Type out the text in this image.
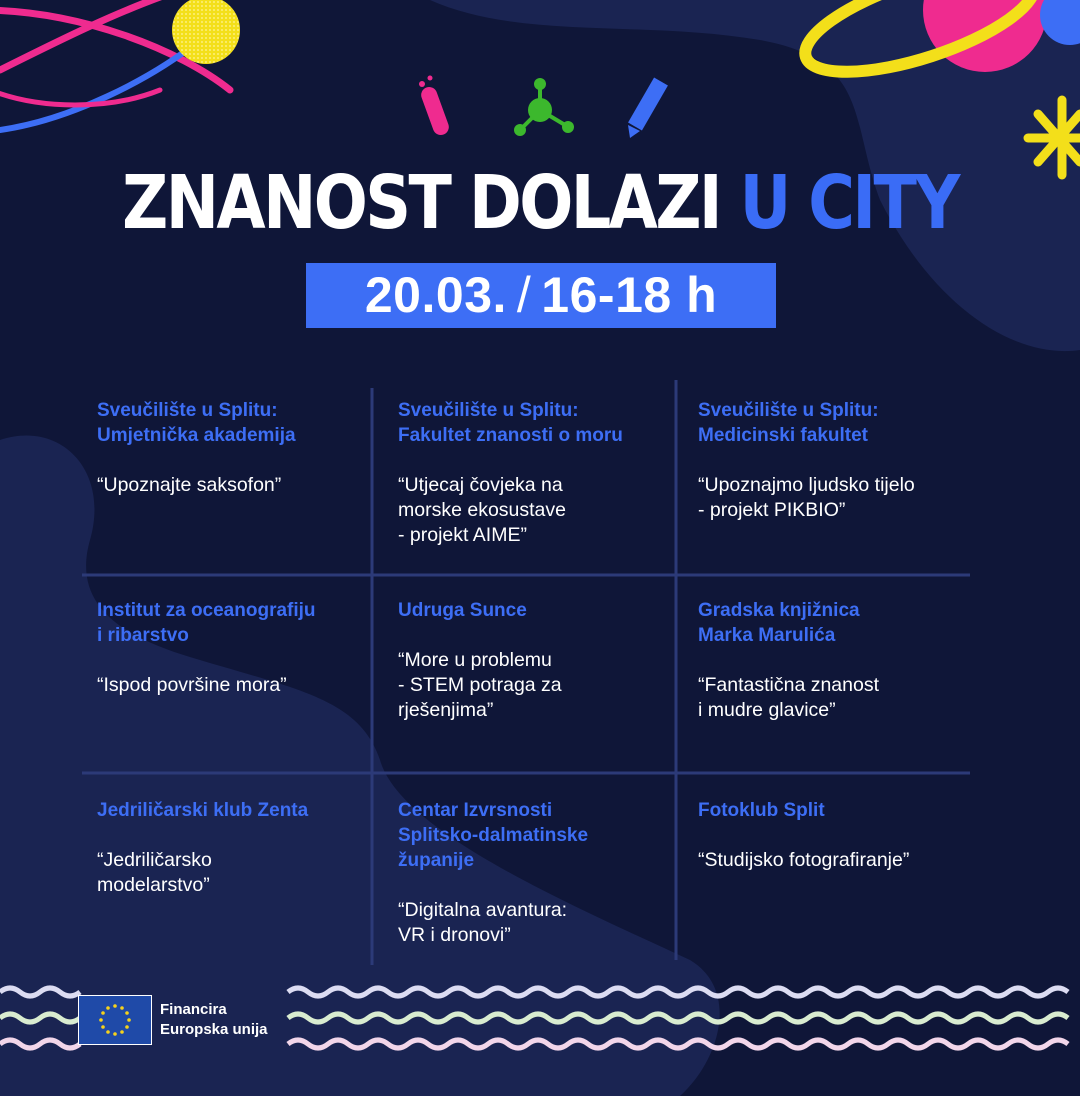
ZNANOST DOLAZI U CITY
20.03. / 16-18 h
Sveučilište u Splitu:
Umjetnička akademija
“Upoznajte saksofon”
Sveučilište u Splitu:
Fakultet znanosti o moru
“Utjecaj čovjeka na
morske ekosustave
- projekt AIME”
Sveučilište u Splitu:
Medicinski fakultet
“Upoznajmo ljudsko tijelo
- projekt PIKBIO”
Institut za oceanografiju
i ribarstvo
“Ispod površine mora”
Udruga Sunce
“More u problemu
- STEM potraga za
rješenjima”
Gradska knjižnica
Marka Marulića
“Fantastična znanost
i mudre glavice”
Jedriličarski klub Zenta
“Jedriličarsko
modelarstvo”
Centar Izvrsnosti
Splitsko-dalmatinske
županije
“Digitalna avantura:
VR i dronovi”
Fotoklub Split
“Studijsko fotografiranje”
Financira
Europska unija
